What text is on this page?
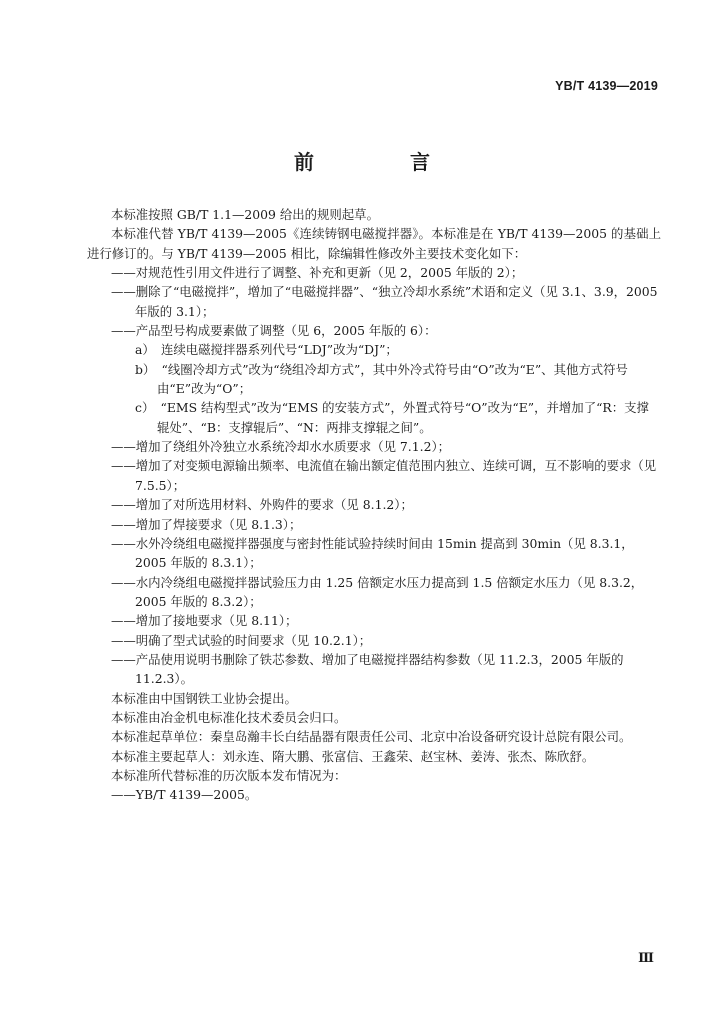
YB/T 4139—2019
前　言
本标准按照 GB/T 1.1—2009 给出的规则起草。
本标准代替 YB/T 4139—2005《连续铸钢电磁搅拌器》。本标准是在 YB/T 4139—2005 的基础上进行修订的。与 YB/T 4139—2005 相比，除编辑性修改外主要技术变化如下：
——对规范性引用文件进行了调整、补充和更新（见 2，2005 年版的 2）；
——删除了“电磁搅拌”，增加了“电磁搅拌器”、“独立冷却水系统”术语和定义（见 3.1、3.9，2005 年版的 3.1）；
——产品型号构成要素做了调整（见 6，2005 年版的 6）：
a）　连续电磁搅拌器系列代号“LDJ”改为“DJ”；
b）　“线圈冷却方式”改为“绕组冷却方式”，其中外冷式符号由“O”改为“E”、其他方式符号由“E”改为“O”；
c）　“EMS 结构型式”改为“EMS 的安装方式”，外置式符号“O”改为“E”，并增加了“R：支撑辊处”、“B：支撑辊后”、“N：两排支撑辊之间”。
——增加了绕组外冷独立水系统冷却水水质要求（见 7.1.2）；
——增加了对变频电源输出频率、电流值在输出额定值范围内独立、连续可调，互不影响的要求（见 7.5.5）；
——增加了对所选用材料、外购件的要求（见 8.1.2）；
——增加了焊接要求（见 8.1.3）；
——水外冷绕组电磁搅拌器强度与密封性能试验持续时间由 15min 提高到 30min（见 8.3.1，2005 年版的 8.3.1）；
——水内冷绕组电磁搅拌器试验压力由 1.25 倍额定水压力提高到 1.5 倍额定水压力（见 8.3.2，2005 年版的 8.3.2）；
——增加了接地要求（见 8.11）；
——明确了型式试验的时间要求（见 10.2.1）；
——产品使用说明书删除了铁芯参数、增加了电磁搅拌器结构参数（见 11.2.3，2005 年版的 11.2.3）。
本标准由中国钢铁工业协会提出。
本标准由冶金机电标准化技术委员会归口。
本标准起草单位：秦皇岛瀚丰长白结晶器有限责任公司、北京中冶设备研究设计总院有限公司。
本标准主要起草人：刘永连、隋大鹏、张富信、王鑫荣、赵宝林、姜涛、张杰、陈欣舒。
本标准所代替标准的历次版本发布情况为：
——YB/T 4139—2005。
Ⅲ
